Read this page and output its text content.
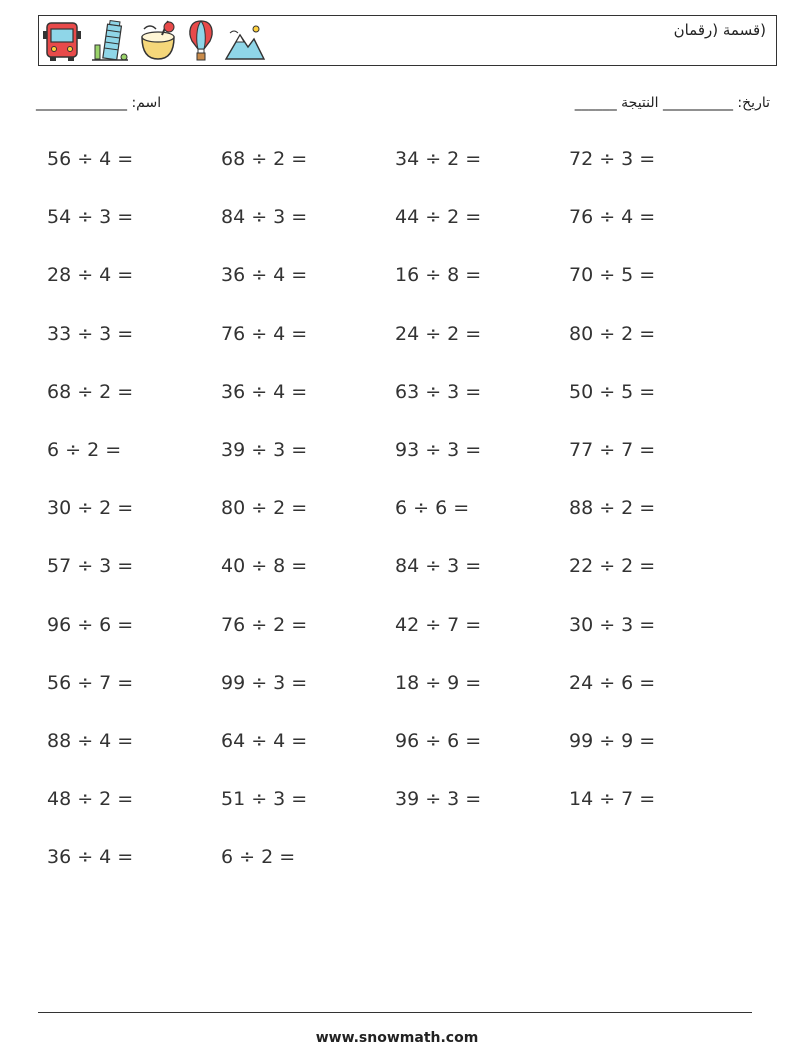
(قسمة (رقمان
اسم: _____________	تاريخ: __________ النتيجة ______
56 ÷ 4 =	68 ÷ 2 =	34 ÷ 2 =	72 ÷ 3 =
54 ÷ 3 =	84 ÷ 3 =	44 ÷ 2 =	76 ÷ 4 =
28 ÷ 4 =	36 ÷ 4 =	16 ÷ 8 =	70 ÷ 5 =
33 ÷ 3 =	76 ÷ 4 =	24 ÷ 2 =	80 ÷ 2 =
68 ÷ 2 =	36 ÷ 4 =	63 ÷ 3 =	50 ÷ 5 =
6 ÷ 2 =	39 ÷ 3 =	93 ÷ 3 =	77 ÷ 7 =
30 ÷ 2 =	80 ÷ 2 =	6 ÷ 6 =	88 ÷ 2 =
57 ÷ 3 =	40 ÷ 8 =	84 ÷ 3 =	22 ÷ 2 =
96 ÷ 6 =	76 ÷ 2 =	42 ÷ 7 =	30 ÷ 3 =
56 ÷ 7 =	99 ÷ 3 =	18 ÷ 9 =	24 ÷ 6 =
88 ÷ 4 =	64 ÷ 4 =	96 ÷ 6 =	99 ÷ 9 =
48 ÷ 2 =	51 ÷ 3 =	39 ÷ 3 =	14 ÷ 7 =
36 ÷ 4 =	6 ÷ 2 =
www.snowmath.com
